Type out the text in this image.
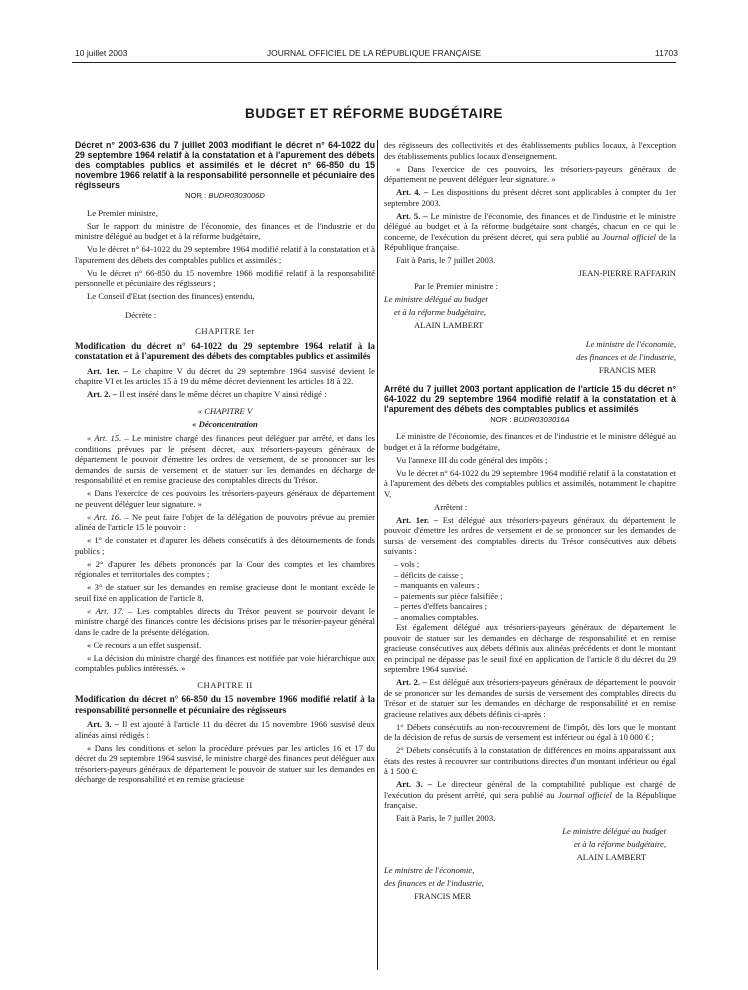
10 juillet 2003	JOURNAL OFFICIEL DE LA RÉPUBLIQUE FRANÇAISE	11703
BUDGET ET RÉFORME BUDGÉTAIRE

Décret n° 2003-636 du 7 juillet 2003 modifiant le décret n° 64-1022 du 29 septembre 1964 relatif à la constatation et à l'apurement des débets des comptables publics et assimilés et le décret n° 66-850 du 15 novembre 1966 relatif à la responsabilité personnelle et pécuniaire des régisseurs

NOR : BUDR0303006D

Le Premier ministre,

Sur le rapport du ministre de l'économie, des finances et de l'industrie et du ministre délégué au budget et à la réforme budgétaire,

Vu le décret n° 64-1022 du 29 septembre 1964 modifié relatif à la constatation et à l'apurement des débets des comptables publics et assimilés ;

Vu le décret n° 66-850 du 15 novembre 1966 modifié relatif à la responsabilité personnelle et pécuniaire des régisseurs ;

Le Conseil d'Etat (section des finances) entendu,

Décrète :

CHAPITRE Ier

Modification du décret n° 64-1022 du 29 septembre 1964 relatif à la constatation et à l'apurement des débets des comptables publics et assimilés

Art. 1er. – Le chapitre V du décret du 29 septembre 1964 susvisé devient le chapitre VI et les articles 15 à 19 du même décret deviennent les articles 18 à 22.

Art. 2. – Il est inséré dans le même décret un chapitre V ainsi rédigé :

« CHAPITRE V

« Déconcentration

« Art. 15. – Le ministre chargé des finances peut déléguer par arrêté, et dans les conditions prévues par le présent décret, aux trésoriers-payeurs généraux de département le pouvoir d'émettre les ordres de versement, de se prononcer sur les demandes de sursis de versement et de statuer sur les demandes en décharge de responsabilité et en remise gracieuse des comptables directs du Trésor.

« Dans l'exercice de ces pouvoirs les trésoriers-payeurs généraux de département ne peuvent déléguer leur signature. »

« Art. 16. – Ne peut faire l'objet de la délégation de pouvoirs prévue au premier alinéa de l'article 15 le pouvoir :

« 1° de constater et d'apurer les débets consécutifs à des détournements de fonds publics ;

« 2° d'apurer les débets prononcés par la Cour des comptes et les chambres régionales et territoriales des comptes ;

« 3° de statuer sur les demandes en remise gracieuse dont le montant excède le seuil fixé en application de l'article 8.

« Art. 17. – Les comptables directs du Trésor peuvent se pourvoir devant le ministre chargé des finances contre les décisions prises par le trésorier-payeur général dans le cadre de la présente délégation.

« Ce recours a un effet suspensif.

« La décision du ministre chargé des finances est notifiée par voie hiérarchique aux comptables publics intéressés. »

CHAPITRE II

Modification du décret n° 66-850 du 15 novembre 1966 modifié relatif à la responsabilité personnelle et pécuniaire des régisseurs

Art. 3. – Il est ajouté à l'article 11 du décret du 15 novembre 1966 susvisé deux alinéas ainsi rédigés :

« Dans les conditions et selon la procédure prévues par les articles 16 et 17 du décret du 29 septembre 1964 susvisé, le ministre chargé des finances peut déléguer aux trésoriers-payeurs généraux de département le pouvoir de statuer sur les demandes en décharge de responsabilité et en remise gracieuse

des régisseurs des collectivités et des établissements publics locaux, à l'exception des établissements publics locaux d'enseignement.

« Dans l'exercice de ces pouvoirs, les trésoriers-payeurs généraux de département ne peuvent déléguer leur signature. »

Art. 4. – Les dispositions du présent décret sont applicables à compter du 1er septembre 2003.

Art. 5. – Le ministre de l'économie, des finances et de l'industrie et le ministre délégué au budget et à la réforme budgétaire sont chargés, chacun en ce qui le concerne, de l'exécution du présent décret, qui sera publié au Journal officiel de la République française.

Fait à Paris, le 7 juillet 2003.

JEAN-PIERRE RAFFARIN

Par le Premier ministre :

Le ministre délégué au budget

et à la réforme budgétaire,

ALAIN LAMBERT

Le ministre de l'économie,

des finances et de l'industrie,

FRANCIS MER

Arrêté du 7 juillet 2003 portant application de l'article 15 du décret n° 64-1022 du 29 septembre 1964 modifié relatif à la constatation et à l'apurement des débets des comptables publics et assimilés

NOR : BUDR0303016A

Le ministre de l'économie, des finances et de l'industrie et le ministre délégué au budget et à la réforme budgétaire,

Vu l'annexe III du code général des impôts ;

Vu le décret n° 64-1022 du 29 septembre 1964 modifié relatif à la constatation et à l'apurement des débets des comptables publics et assimilés, notamment le chapitre V,

Arrêtent :

Art. 1er. – Est délégué aux trésoriers-payeurs généraux du département le pouvoir d'émettre les ordres de versement et de se prononcer sur les demandes de sursis de versement des comptables directs du Trésor consécutives aux débets suivants :

– vols ;

– déficits de caisse ;

– manquants en valeurs ;

– paiements sur pièce falsifiée ;

– pertes d'effets bancaires ;

– anomalies comptables.

Est également délégué aux trésoriers-payeurs généraux de département le pouvoir de statuer sur les demandes en décharge de responsabilité et en remise gracieuse consécutives aux débets définis aux alinéas précédents et dont le montant en principal ne dépasse pas le seuil fixé en application de l'article 8 du décret du 29 septembre 1964 susvisé.

Art. 2. – Est délégué aux trésoriers-payeurs généraux de département le pouvoir de se prononcer sur les demandes de sursis de versement des comptables directs du Trésor et de statuer sur les demandes en décharge de responsabilité et en remise gracieuse relatives aux débets définis ci-après :

1° Débets consécutifs au non-recouvrement de l'impôt, dès lors que le montant de la décision de refus de sursis de versement est inférieur ou égal à 10 000 € ;

2° Débets consécutifs à la constatation de différences en moins apparaissant aux états des restes à recouvrer sur contributions directes d'un montant inférieur ou égal à 1 500 €.

Art. 3. – Le directeur général de la comptabilité publique est chargé de l'exécution du présent arrêté, qui sera publié au Journal officiel de la République française.

Fait à Paris, le 7 juillet 2003.

Le ministre délégué au budget

et à la réforme budgétaire,

ALAIN LAMBERT

Le ministre de l'économie,

des finances et de l'industrie,

FRANCIS MER
